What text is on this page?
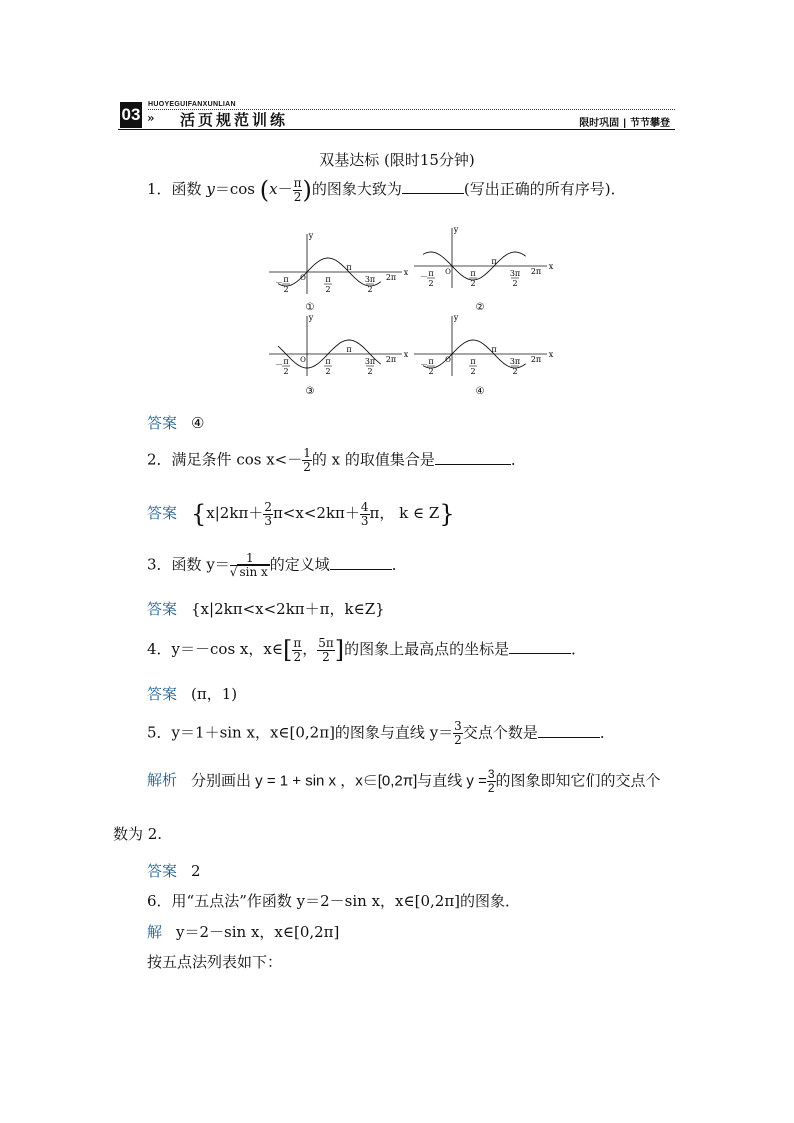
03
HUOYEGUIFANXUNLIAN
» 活页规范训练	限时巩固 | 节节攀登
双基达标 (限时15分钟)
1．函数 y＝cos ($x- \frac{\pi}{2}$ )的图象大致为	(写出正确的所有序号)．
x
y
O
－ π
2
π
2
π
3π
2
2π
①
x
y
O
－ π
2
π
2
π
3π
2
2π
②
x
y
O
－ π
2
π
2
π
3π
2
2π
③
x
y
O
－ π
2
π
2
π
3π
2
2π
④
答案 ④
2．满足条件 $\cos x<- \frac{1}{2}$ 的 x 的取值集合是	．
答案 {$x|2k\pi+ \frac{2}{3} \pi<x<2k\pi+ \frac{4}{3}$ π， k ∈ Z}
3．函数 $y= \frac{1}{\text{√ sin x}}$ 的定义域	．
答案 {x|2kπ<x<2kπ＋π，k∈Z}
4．y＝－cos x，x∈[ $\frac{\pi}{2}$ ， $\frac{5\pi}{2}$ ]的图象上最高点的坐标是	．
答案 (π，1)
5．y＝1＋sin x，x∈[0,2π]的图象与直线 $y= \frac{3}{2}$ 交点个数是	．
解析 分别画出 y = 1 + sin x ，x∈[0,2π]与直线 $y = \frac{3}{2}$ 的图象即知它们的交点个
数为 2.
答案 2
6．用“五点法”作函数 y＝2－sin x，x∈[0,2π]的图象．
解 y＝2－sin x，x∈[0,2π]
按五点法列表如下：
